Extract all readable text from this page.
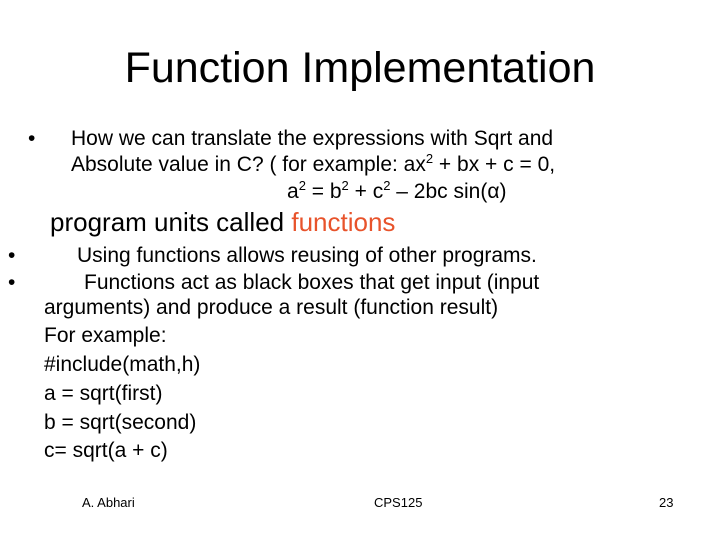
Function Implementation
• How we can translate the expressions with Sqrt and
Absolute value in C? ( for example: $ax^2$ + bx + c = 0,
$a^2 = b^2 + c^2 - 2bc$ sin(α)
program units called functions
•	Using functions allows reusing of other programs.
•	Functions act as black boxes that get input (input
arguments) and produce a result (function result)
For example:
#include(math,h)
a = sqrt(first)
b = sqrt(second)
c= sqrt(a + c)
A. Abhari	CPS125	23
